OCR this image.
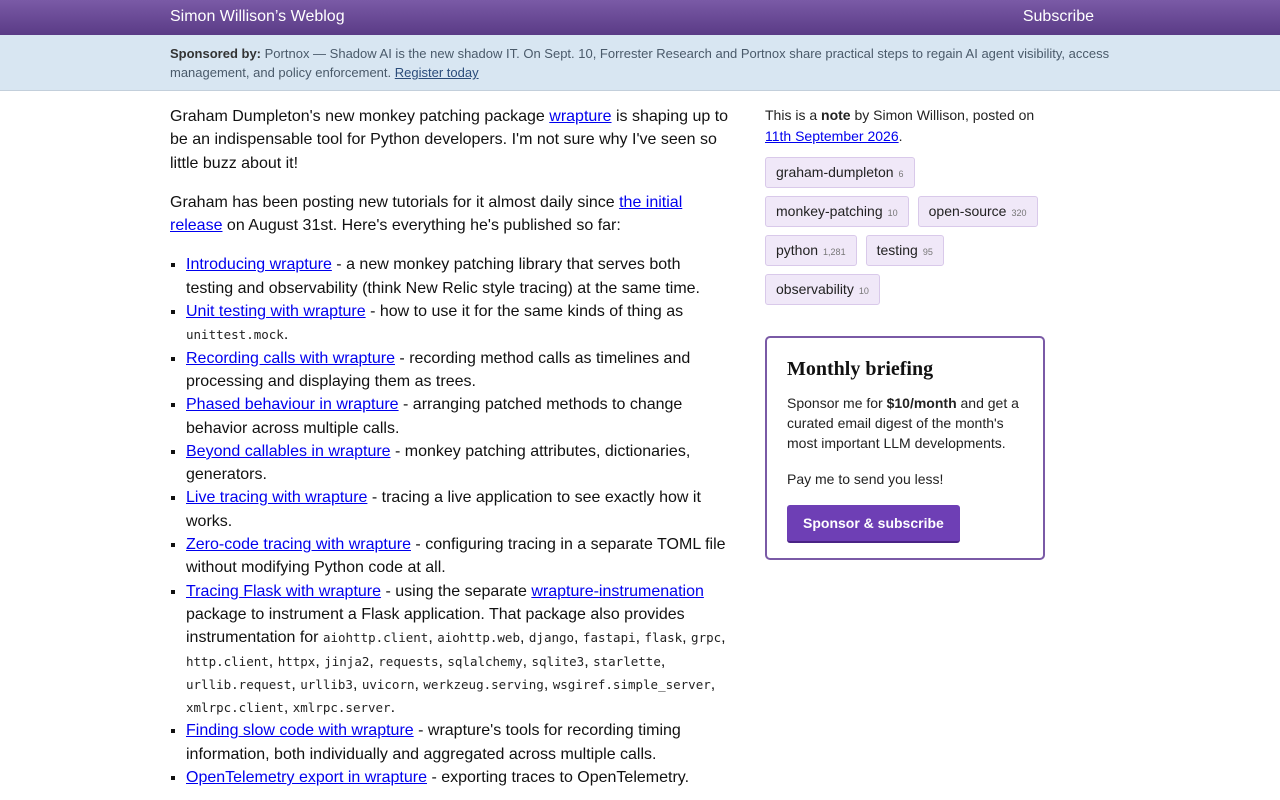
Simon Willison’s Weblog	Subscribe
Sponsored by: Portnox — Shadow AI is the new shadow IT. On Sept. 10, Forrester Research and Portnox share practical steps to regain AI agent visibility, access management, and policy enforcement. Register today

Graham Dumpleton's new monkey patching package wrapture is shaping up to be an indispensable tool for Python developers. I'm not sure why I've seen so little buzz about it!

Graham has been posting new tutorials for it almost daily since the initial release on August 31st. Here's everything he's published so far:

▪ Introducing wrapture - a new monkey patching library that serves both testing and observability (think New Relic style tracing) at the same time.
▪ Unit testing with wrapture - how to use it for the same kinds of thing as unittest.mock.
▪ Recording calls with wrapture - recording method calls as timelines and processing and displaying them as trees.
▪ Phased behaviour in wrapture - arranging patched methods to change behavior across multiple calls.
▪ Beyond callables in wrapture - monkey patching attributes, dictionaries, generators.
▪ Live tracing with wrapture - tracing a live application to see exactly how it works.
▪ Zero-code tracing with wrapture - configuring tracing in a separate TOML file without modifying Python code at all.
▪ Tracing Flask with wrapture - using the separate wrapture-instrumenation package to instrument a Flask application. That package also provides instrumentation for aiohttp.client, aiohttp.web, django, fastapi, flask, grpc, http.client, httpx, jinja2, requests, sqlalchemy, sqlite3, starlette, urllib.request, urllib3, uvicorn, werkzeug.serving, wsgiref.simple_server, xmlrpc.client, xmlrpc.server.
▪ Finding slow code with wrapture - wrapture's tools for recording timing information, both individually and aggregated across multiple calls.
▪ OpenTelemetry export in wrapture - exporting traces to OpenTelemetry.
This is a note by Simon Willison, posted on
11th September 2026.
graham-dumpleton 6
monkey-patching 10 open-source 320
python 1,281 testing 95
observability 10
Monthly briefing

Sponsor me for $10/month and get a curated email digest of the month's most important LLM developments.

Pay me to send you less!

Sponsor & subscribe
